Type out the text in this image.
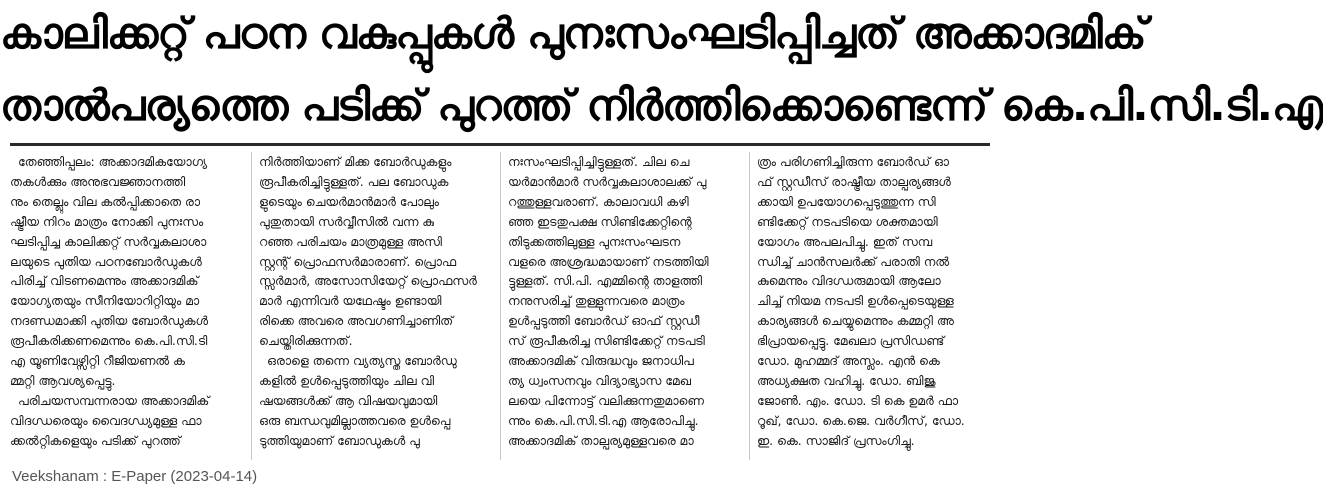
കാലിക്കറ്റ് പഠന വകുപ്പുകൾ പുനഃസംഘടിപ്പിച്ചത് അക്കാദമിക്
താൽപര്യത്തെ പടിക്ക് പുറത്ത് നിർത്തിക്കൊണ്ടെന്ന് കെ.പി.സി.ടി.എ
തേഞ്ഞിപ്പലം: അക്കാദമികയോഗ്യ
തകൾക്കും അനുഭവജ്ഞാനത്തി
നും തെല്ലും വില കൽപ്പിക്കാതെ രാ
ഷ്ട്രീയ നിറം മാത്രം നോക്കി പുനഃസം
ഘടിപ്പിച്ച കാലിക്കറ്റ് സർവ്വകലാശാ
ലയുടെ പുതിയ പഠനബോർഡുകൾ
പിരിച്ച് വിടണമെന്നും അക്കാദമിക്
യോഗ്യതയും സീനിയോറിറ്റിയും മാ
നദണ്ഡമാക്കി പുതിയ ബോർഡുകൾ
രൂപീകരിക്കണമെന്നും കെ.പി.സി.ടി
എ യൂണിവേഴ്സിറ്റി റീജിയണൽ ക
മ്മറ്റി ആവശ്യപ്പെട്ടു.
പരിചയസമ്പന്നരായ അക്കാദമിക്
വിദഗ്ധരെയും വൈദഗ്ധ്യമുള്ള ഫാ
ക്കൽറ്റികളെയും പടിക്ക് പുറത്ത്
നിർത്തിയാണ് മിക്ക ബോർഡുകളും
രൂപീകരിച്ചിട്ടുള്ളത്. പല ബോഡുക
ളുടെയും ചെയർമാൻമാർ പോലും
പുതുതായി സർവ്വീസിൽ വന്ന കു
റഞ്ഞ പരിചയം മാത്രമുള്ള അസി
സ്റ്റന്റ് പ്രൊഫസർമാരാണ്. പ്രൊഫ
സ്സർമാർ, അസോസിയേറ്റ് പ്രൊഫസർ
മാർ എന്നിവർ യഥേഷ്ടം ഉണ്ടായി
രിക്കെ അവരെ അവഗണിച്ചാണിത്
ചെയ്തിരിക്കുന്നത്.
ഒരാളെ തന്നെ വ്യത്യസ്ത ബോർഡു
കളിൽ ഉൾപ്പെടുത്തിയും ചില വി
ഷയങ്ങൾക്ക് ആ വിഷയവുമായി
ഒരു ബന്ധവുമില്ലാത്തവരെ ഉൾപ്പെ
ടുത്തിയുമാണ് ബോഡുകൾ പു
നഃസംഘടിപ്പിച്ചിട്ടുള്ളത്. ചില ചെ
യർമാൻമാർ സർവ്വകലാശാലക്ക് പു
റത്തുള്ളവരാണ്. കാലാവധി കഴി
ഞ്ഞ ഇടതുപക്ഷ സിണ്ടിക്കേറ്റിന്റെ
തിടുക്കത്തിലുള്ള പുനഃസംഘടന
വളരെ അശ്രദ്ധമായാണ് നടത്തിയി
ട്ടുള്ളത്. സി.പി. എമ്മിന്റെ താളത്തി
നനുസരിച്ച് തുള്ളുന്നവരെ മാത്രം
ഉൾപ്പടുത്തി ബോർഡ് ഓഫ് സ്റ്റഡീ
സ് രൂപീകരിച്ച സിണ്ടിക്കേറ്റ് നടപടി
അക്കാദമിക് വിരുദ്ധവും ജനാധിപ
ത്യ ധ്വംസനവും വിദ്യാഭ്യാസ മേഖ
ലയെ പിന്നോട്ട് വലിക്കുന്നതുമാണെ
ന്നും കെ.പി.സി.ടി.എ ആരോപിച്ചു.
അക്കാദമിക് താല്പര്യമുള്ളവരെ മാ
ത്രം പരിഗണിച്ചിരുന്ന ബോർഡ് ഓ
ഫ് സ്റ്റഡീസ് രാഷ്ട്രീയ താല്പര്യങ്ങൾ
ക്കായി ഉപയോഗപ്പെടുത്തുന്ന സി
ണ്ടിക്കേറ്റ് നടപടിയെ ശക്തമായി
യോഗം അപലപിച്ചു. ഇത് സമ്പ
ന്ധിച്ച് ചാൻസലർക്ക് പരാതി നൽ
കുമെന്നും വിദഗ്ധരുമായി ആലോ
ചിച്ച് നിയമ നടപടി ഉൾപ്പെടെയുള്ള
കാര്യങ്ങൾ ചെയ്യുമെന്നും കമ്മറ്റി അ
ഭിപ്രായപ്പെട്ടു. മേഖലാ പ്രസിഡണ്ട്
ഡോ. മുഹമ്മദ് അസ്ലം. എൻ കെ
അധ്യക്ഷത വഹിച്ചു. ഡോ. ബിജു
ജോൺ. എം. ഡോ. ടി കെ ഉമർ ഫാ
റൂഖ്, ഡോ. കെ.ജെ. വർഗീസ്, ഡോ.
ഇ. കെ. സാജിദ് പ്രസംഗിച്ചു.
Veekshanam : E-Paper (2023-04-14)
